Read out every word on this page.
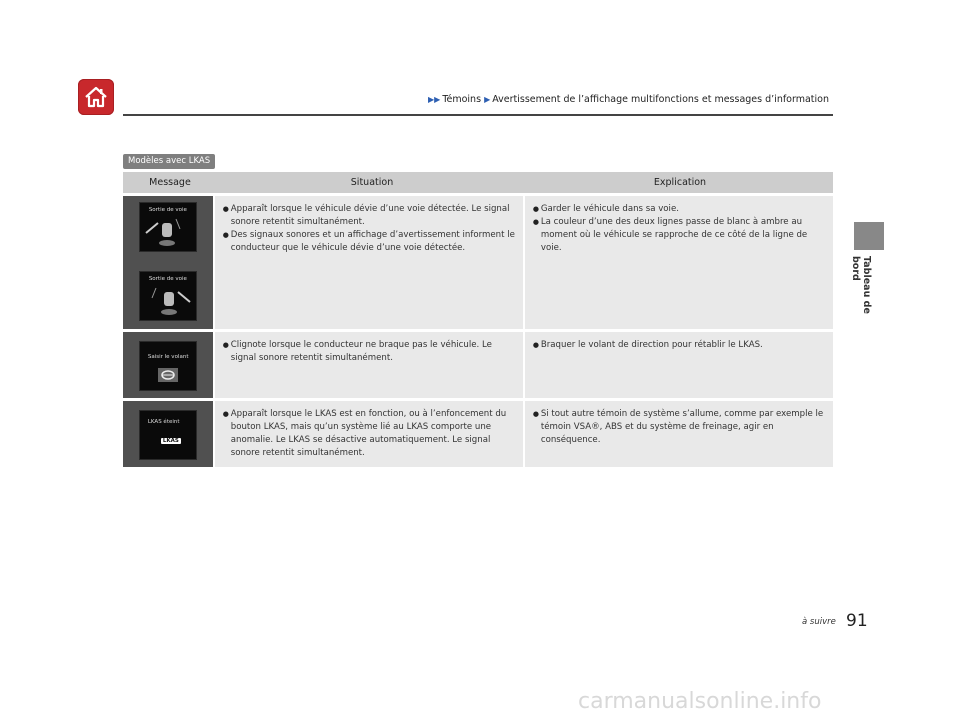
▶▶ Témoins ▶ Avertissement de l’affichage multifonctions et messages d’information
Tableau de bord
Modèles avec LKAS
Message	Situation	Explication
Sortie de voie
Sortie de voie
● Apparaît lorsque le véhicule dévie d’une voie détectée. Le signal sonore retentit simultanément.
● Des signaux sonores et un affichage d’avertissement informent le conducteur que le véhicule dévie d’une voie détectée.
● Garder le véhicule dans sa voie.
● La couleur d’une des deux lignes passe de blanc à ambre au moment où le véhicule se rapproche de ce côté de la ligne de voie.
Saisir le volant
● Clignote lorsque le conducteur ne braque pas le véhicule. Le signal sonore retentit simultanément.
● Braquer le volant de direction pour rétablir le LKAS.
LKAS éteint
LKAS
● Apparaît lorsque le LKAS est en fonction, ou à l’enfoncement du bouton LKAS, mais qu’un système lié au LKAS comporte une anomalie. Le LKAS se désactive automatiquement. Le signal sonore retentit simultanément.
● Si tout autre témoin de système s’allume, comme par exemple le témoin VSA®, ABS et du système de freinage, agir en conséquence.
à suivre 91
carmanualsonline.info
